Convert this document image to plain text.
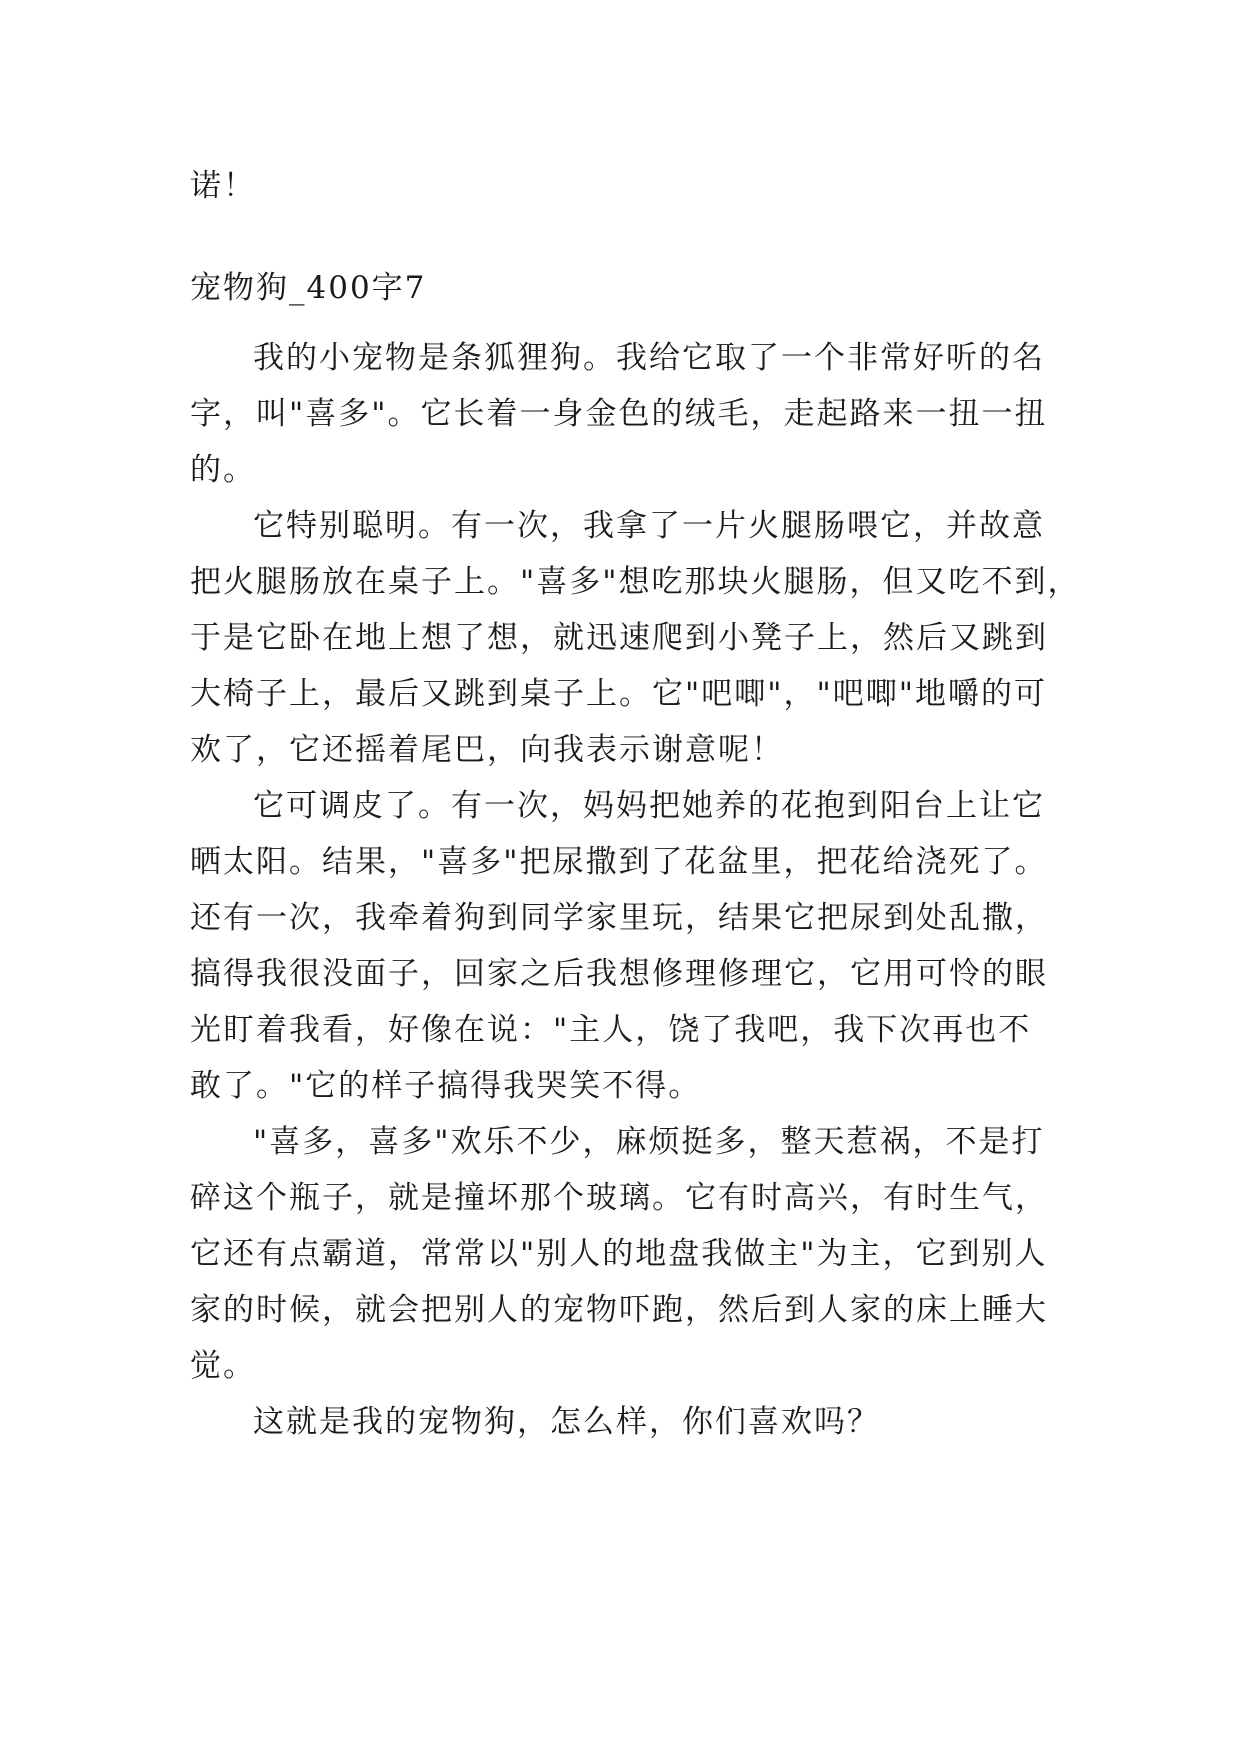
诺！
宠物狗_400字7
我的小宠物是条狐狸狗。我给它取了一个非常好听的名
字，叫"喜多"。它长着一身金色的绒毛，走起路来一扭一扭
的。
它特别聪明。有一次，我拿了一片火腿肠喂它，并故意
把火腿肠放在桌子上。"喜多"想吃那块火腿肠，但又吃不到，
于是它卧在地上想了想，就迅速爬到小凳子上，然后又跳到
大椅子上，最后又跳到桌子上。它"吧唧"，"吧唧"地嚼的可
欢了，它还摇着尾巴，向我表示谢意呢！
它可调皮了。有一次，妈妈把她养的花抱到阳台上让它
晒太阳。结果，"喜多"把尿撒到了花盆里，把花给浇死了。
还有一次，我牵着狗到同学家里玩，结果它把尿到处乱撒，
搞得我很没面子，回家之后我想修理修理它，它用可怜的眼
光盯着我看，好像在说："主人，饶了我吧，我下次再也不
敢了。"它的样子搞得我哭笑不得。
"喜多，喜多"欢乐不少，麻烦挺多，整天惹祸，不是打
碎这个瓶子，就是撞坏那个玻璃。它有时高兴，有时生气，
它还有点霸道，常常以"别人的地盘我做主"为主，它到别人
家的时候，就会把别人的宠物吓跑，然后到人家的床上睡大
觉。
这就是我的宠物狗，怎么样，你们喜欢吗？
